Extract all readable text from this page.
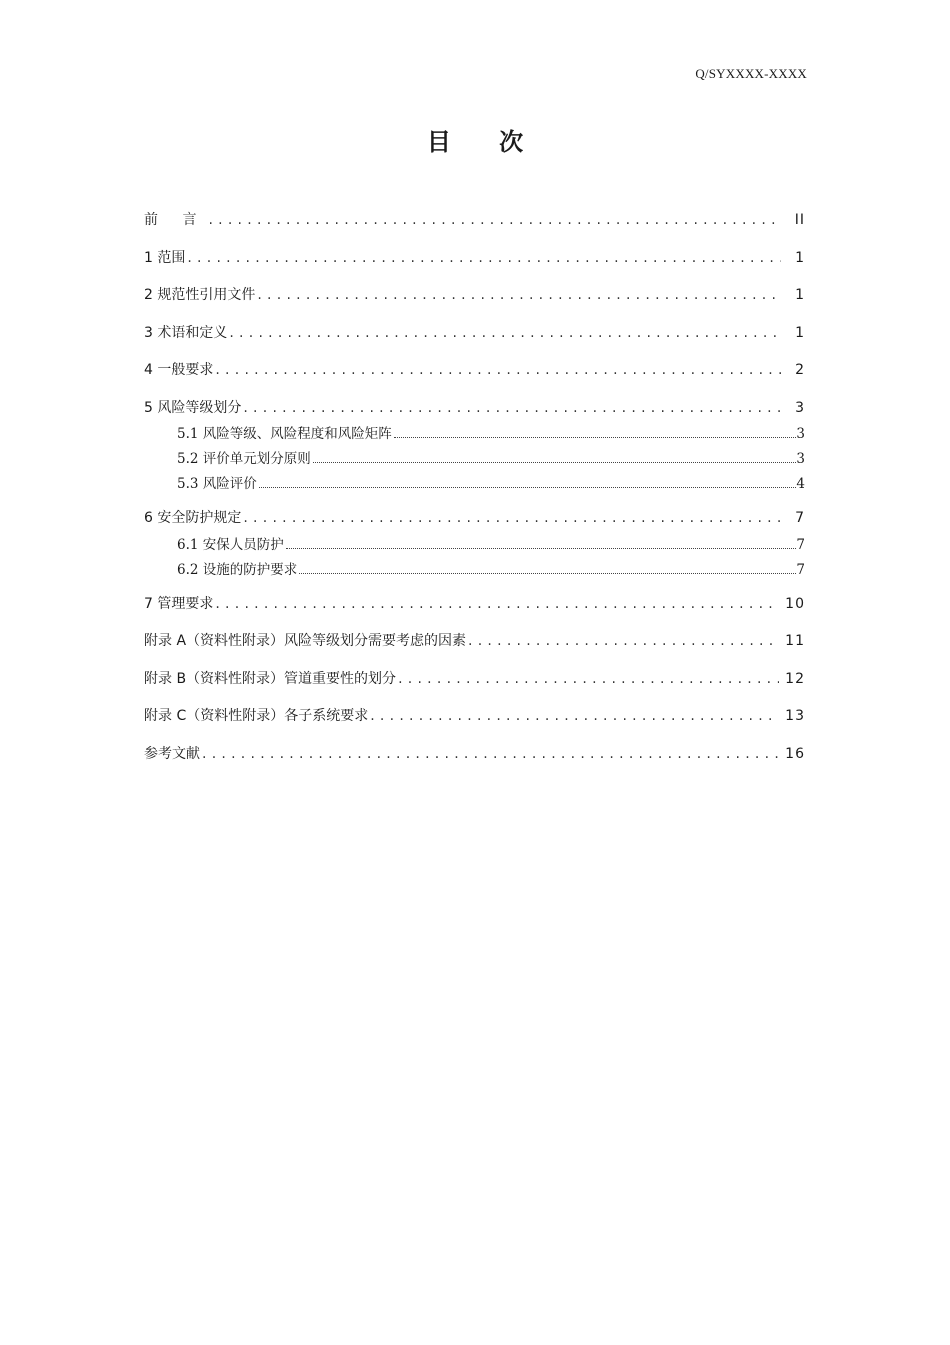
Q/SYXXXX-XXXX
目 次
前 言 . . .	II
1 范围 . . .	1
2 规范性引用文件 . . .	1
3 术语和定义 . . .	1
4 一般要求 . . .	2
5 风险等级划分 . . .	3
5.1 风险等级、风险程度和风险矩阵	3
5.2 评价单元划分原则	3
5.3 风险评价	4
6 安全防护规定 . . .	7
6.1 安保人员防护	7
6.2 设施的防护要求	7
7 管理要求 . . .	10
附录 A（资料性附录）风险等级划分需要考虑的因素 . . .	11
附录 B（资料性附录）管道重要性的划分 . . .	12
附录 C（资料性附录）各子系统要求 . . .	13
参考文献 . . .	16
